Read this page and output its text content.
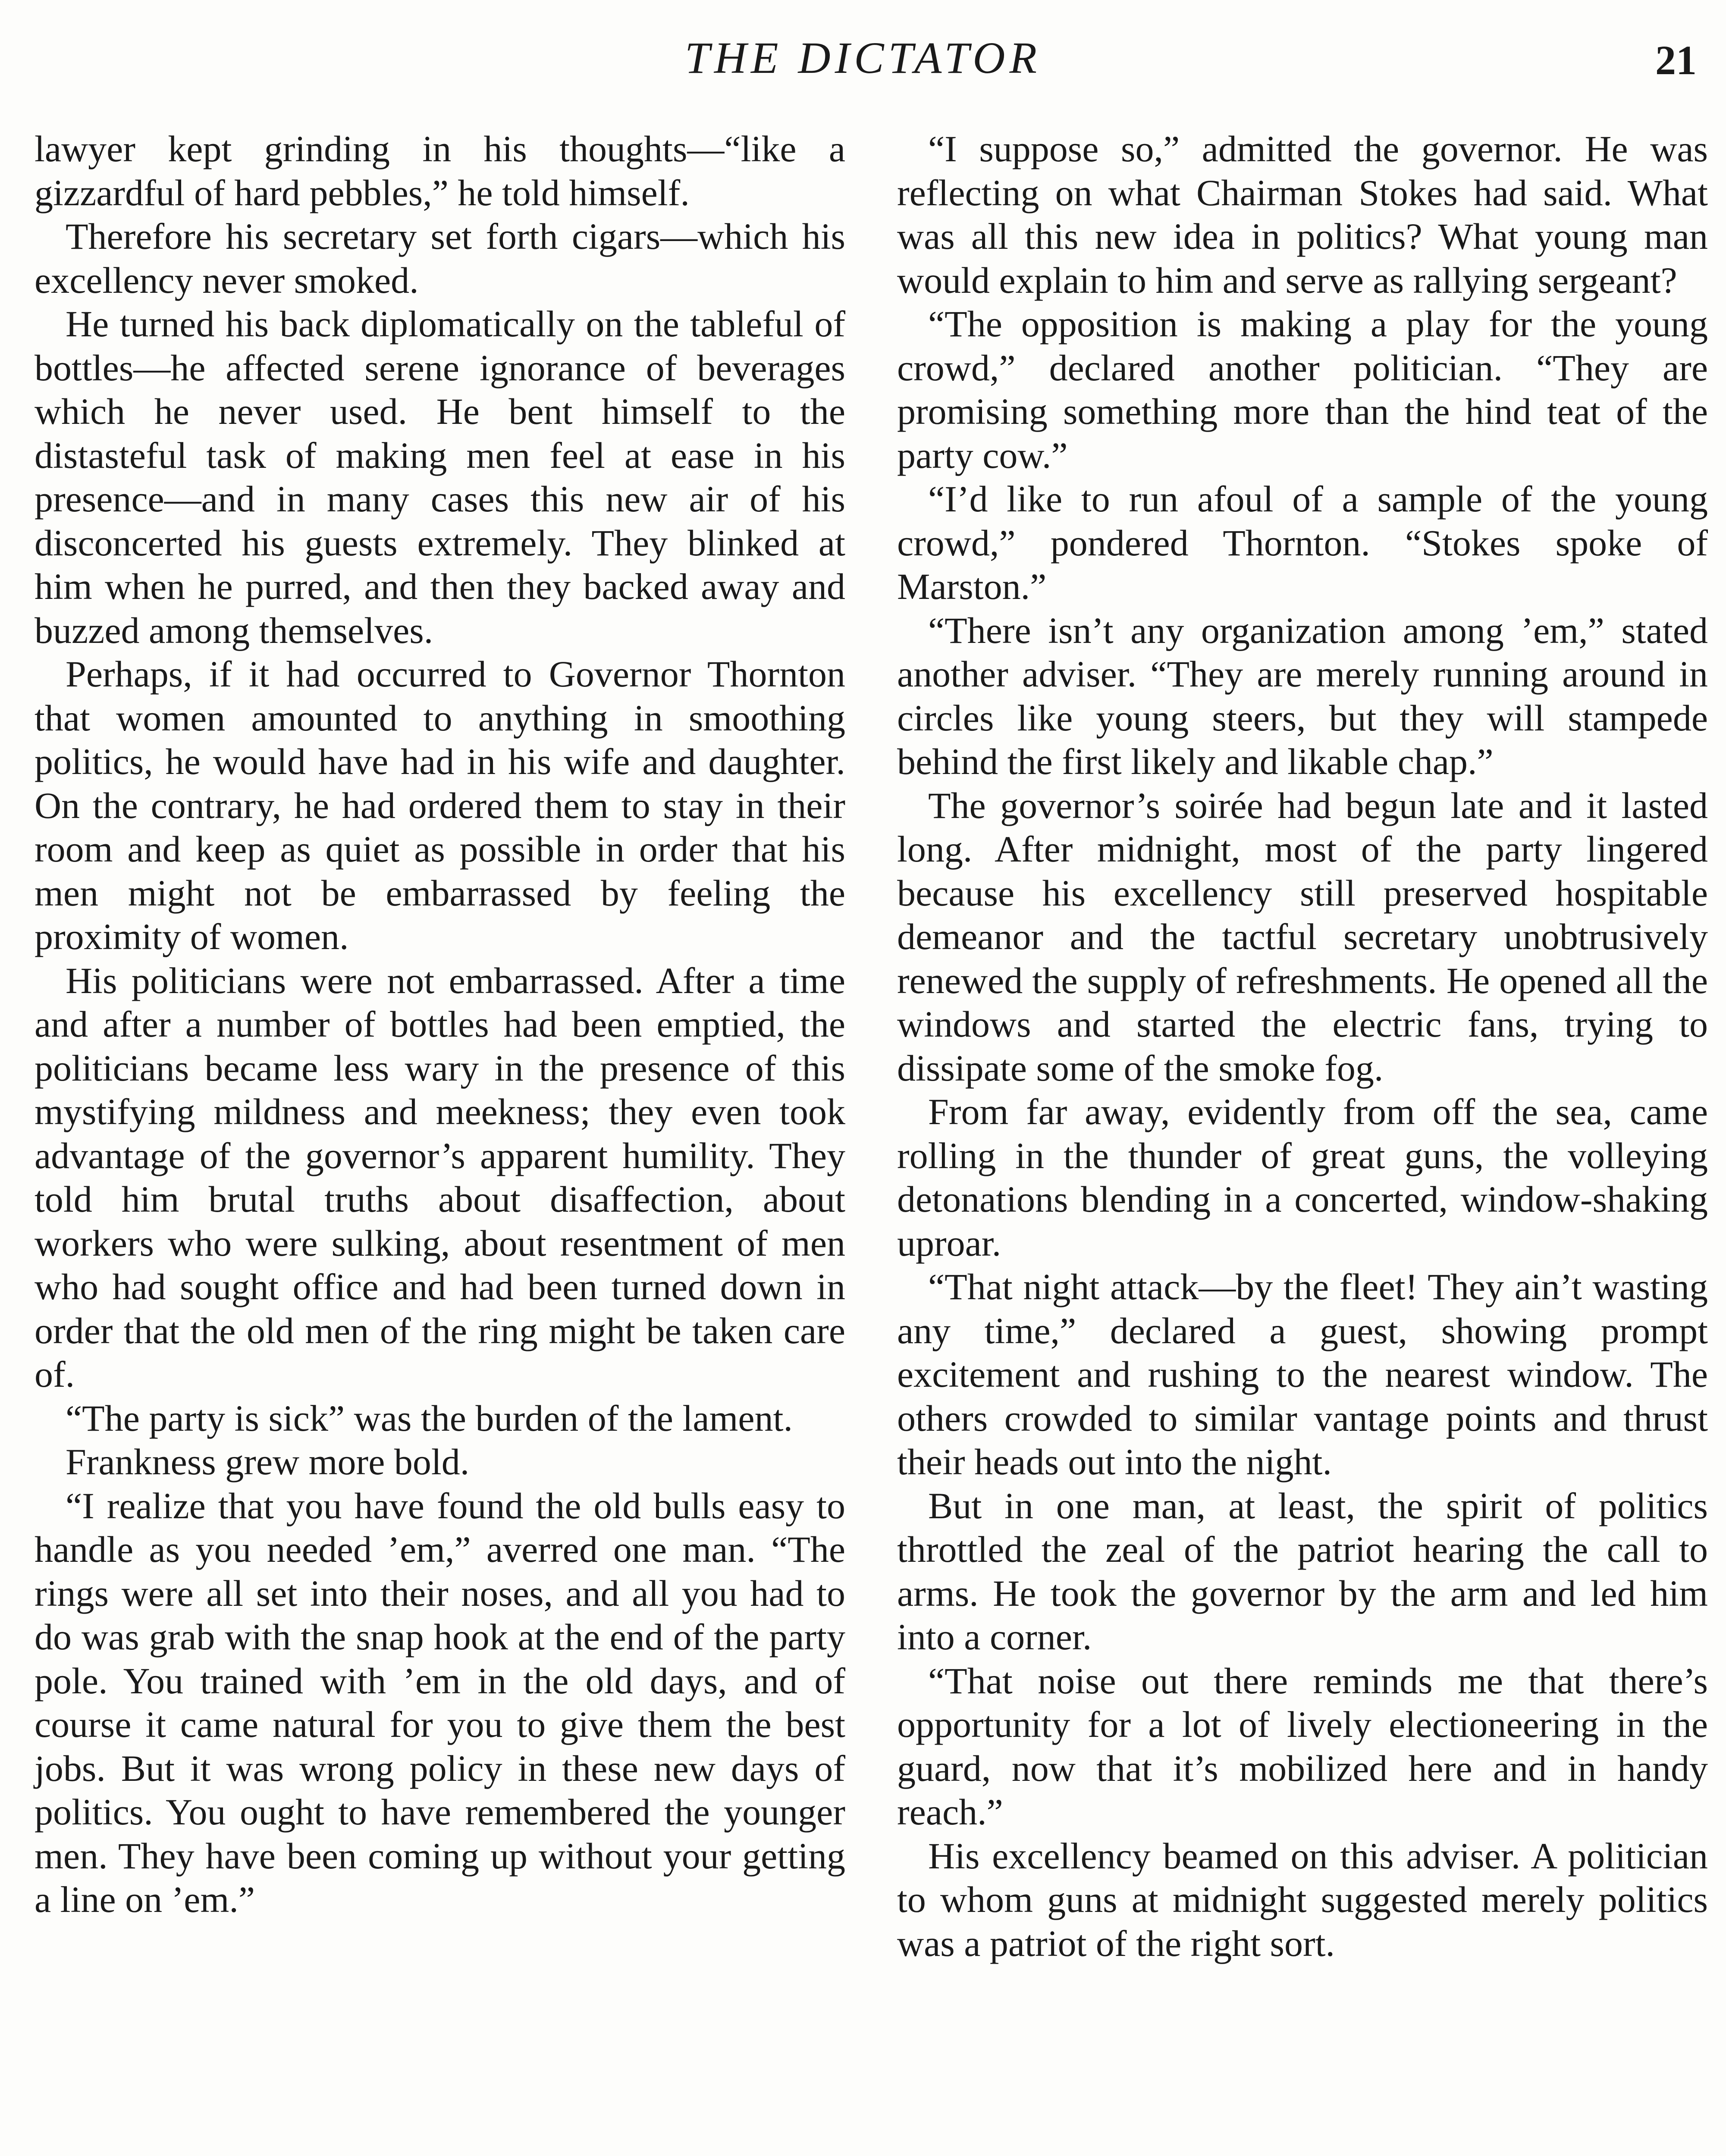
THE DICTATOR	21

lawyer kept grinding in his thoughts—“like a gizzardful of hard pebbles,” he told himself.

Therefore his secretary set forth cigars—which his excellency never smoked.

He turned his back diplomatically on the tableful of bottles—he affected serene ignorance of beverages which he never used. He bent himself to the distasteful task of making men feel at ease in his presence—and in many cases this new air of his disconcerted his guests extremely. They blinked at him when he purred, and then they backed away and buzzed among themselves.

Perhaps, if it had occurred to Governor Thornton that women amounted to anything in smoothing politics, he would have had in his wife and daughter. On the contrary, he had ordered them to stay in their room and keep as quiet as possible in order that his men might not be embarrassed by feeling the proximity of women.

His politicians were not embarrassed. After a time and after a number of bottles had been emptied, the politicians became less wary in the presence of this mystifying mildness and meekness; they even took advantage of the governor’s apparent humility. They told him brutal truths about disaffection, about workers who were sulking, about resentment of men who had sought office and had been turned down in order that the old men of the ring might be taken care of.

“The party is sick” was the burden of the lament.

Frankness grew more bold.

“I realize that you have found the old bulls easy to handle as you needed ’em,” averred one man. “The rings were all set into their noses, and all you had to do was grab with the snap hook at the end of the party pole. You trained with ’em in the old days, and of course it came natural for you to give them the best jobs. But it was wrong policy in these new days of politics. You ought to have remembered the younger men. They have been coming up without your getting a line on ’em.”

“I suppose so,” admitted the governor. He was reflecting on what Chairman Stokes had said. What was all this new idea in politics? What young man would explain to him and serve as rallying sergeant?

“The opposition is making a play for the young crowd,” declared another politician. “They are promising something more than the hind teat of the party cow.”

“I’d like to run afoul of a sample of the young crowd,” pondered Thornton. “Stokes spoke of Marston.”

“There isn’t any organization among ’em,” stated another adviser. “They are merely running around in circles like young steers, but they will stampede behind the first likely and likable chap.”

The governor’s soirée had begun late and it lasted long. After midnight, most of the party lingered because his excellency still preserved hospitable demeanor and the tactful secretary unobtrusively renewed the supply of refreshments. He opened all the windows and started the electric fans, trying to dissipate some of the smoke fog.

From far away, evidently from off the sea, came rolling in the thunder of great guns, the volleying detonations blending in a concerted, window-shaking uproar.

“That night attack—by the fleet! They ain’t wasting any time,” declared a guest, showing prompt excitement and rushing to the nearest window. The others crowded to similar vantage points and thrust their heads out into the night.

But in one man, at least, the spirit of politics throttled the zeal of the patriot hearing the call to arms. He took the governor by the arm and led him into a corner.

“That noise out there reminds me that there’s opportunity for a lot of lively electioneering in the guard, now that it’s mobilized here and in handy reach.”

His excellency beamed on this adviser. A politician to whom guns at midnight suggested merely politics was a patriot of the right sort.
